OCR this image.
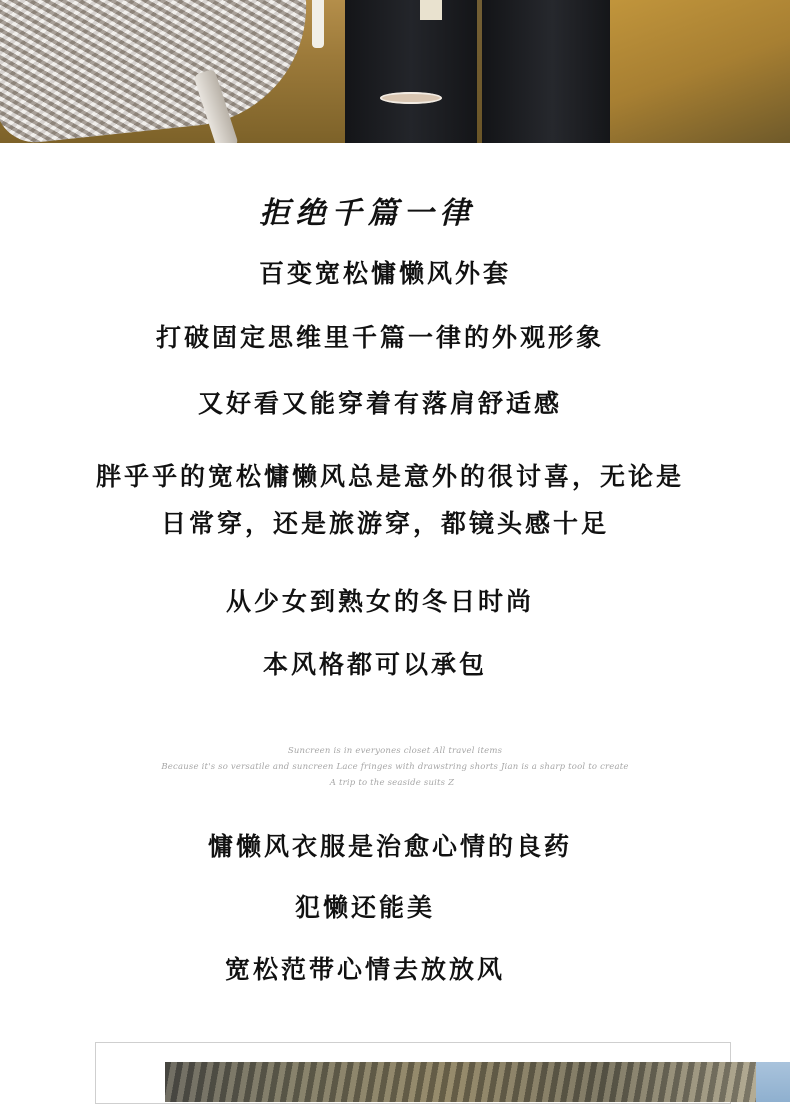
拒绝千篇一律
百变宽松慵懒风外套
打破固定思维里千篇一律的外观形象
又好看又能穿着有落肩舒适感
胖乎乎的宽松慵懒风总是意外的很讨喜，无论是
日常穿，还是旅游穿，都镜头感十足
从少女到熟女的冬日时尚
本风格都可以承包
Suncreen is in everyones closet All travel items
Because it's so versatile and suncreen Lace fringes with drawstring shorts Jian is a sharp tool to create
A trip to the seaside suits Z
慵懒风衣服是治愈心情的良药
犯懒还能美
宽松范带心情去放放风
